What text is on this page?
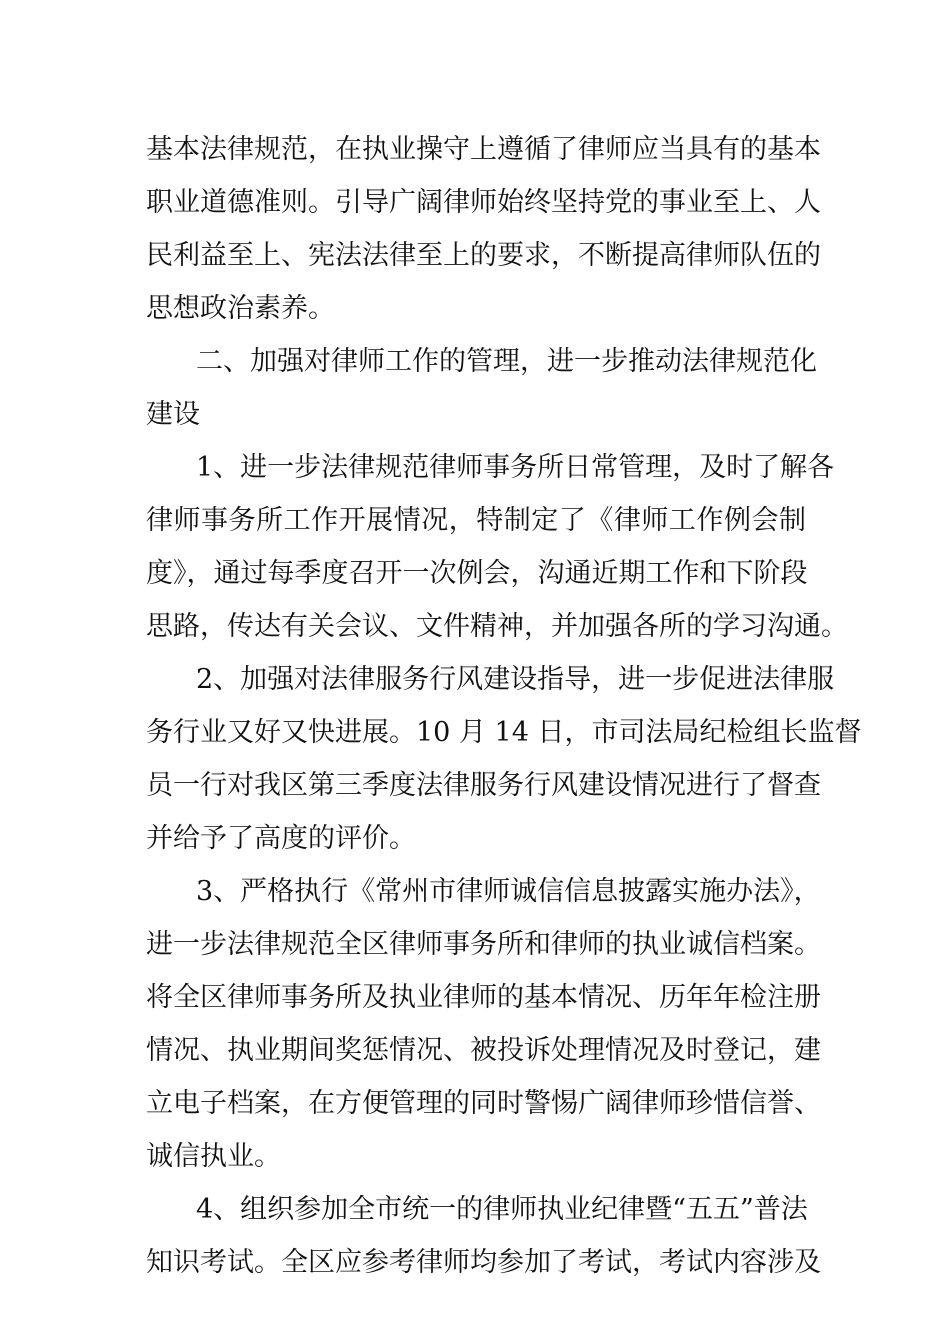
基本法律规范，在执业操守上遵循了律师应当具有的基本
职业道德准则。引导广阔律师始终坚持党的事业至上、人
民利益至上、宪法法律至上的要求，不断提高律师队伍的
思想政治素养。
二、加强对律师工作的管理，进一步推动法律规范化
建设
1、进一步法律规范律师事务所日常管理，及时了解各
律师事务所工作开展情况，特制定了《律师工作例会制
度》，通过每季度召开一次例会，沟通近期工作和下阶段
思路，传达有关会议、文件精神，并加强各所的学习沟通。
2、加强对法律服务行风建设指导，进一步促进法律服
务行业又好又快进展。10 月 14 日，市司法局纪检组长监督
员一行对我区第三季度法律服务行风建设情况进行了督查
并给予了高度的评价。
3、严格执行《常州市律师诚信信息披露实施办法》，
进一步法律规范全区律师事务所和律师的执业诚信档案。
将全区律师事务所及执业律师的基本情况、历年年检注册
情况、执业期间奖惩情况、被投诉处理情况及时登记，建
立电子档案，在方便管理的同时警惕广阔律师珍惜信誉、
诚信执业。
4、组织参加全市统一的律师执业纪律暨“五五”普法
知识考试。全区应参考律师均参加了考试，考试内容涉及
